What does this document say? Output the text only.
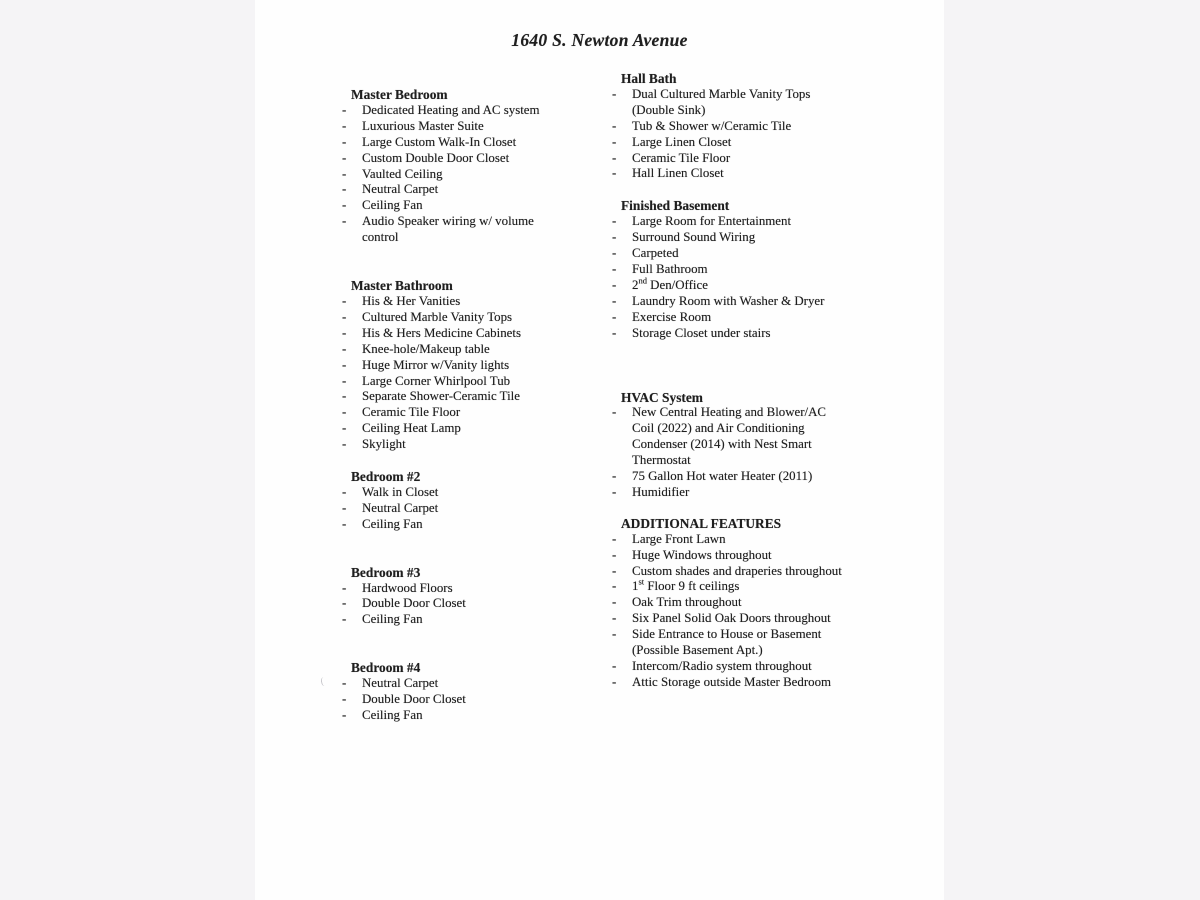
1640 S. Newton Avenue
Master Bedroom
- Dedicated Heating and AC system
- Luxurious Master Suite
- Large Custom Walk-In Closet
- Custom Double Door Closet
- Vaulted Ceiling
- Neutral Carpet
- Ceiling Fan
- Audio Speaker wiring w/ volume
control
Master Bathroom
- His & Her Vanities
- Cultured Marble Vanity Tops
- His & Hers Medicine Cabinets
- Knee-hole/Makeup table
- Huge Mirror w/Vanity lights
- Large Corner Whirlpool Tub
- Separate Shower-Ceramic Tile
- Ceramic Tile Floor
- Ceiling Heat Lamp
- Skylight
Bedroom #2
- Walk in Closet
- Neutral Carpet
- Ceiling Fan
Bedroom #3
- Hardwood Floors
- Double Door Closet
- Ceiling Fan
Bedroom #4
- Neutral Carpet
- Double Door Closet
- Ceiling Fan
Hall Bath
- Dual Cultured Marble Vanity Tops
(Double Sink)
- Tub & Shower w/Ceramic Tile
- Large Linen Closet
- Ceramic Tile Floor
- Hall Linen Closet
Finished Basement
- Large Room for Entertainment
- Surround Sound Wiring
- Carpeted
- Full Bathroom
- 2nd Den/Office
- Laundry Room with Washer & Dryer
- Exercise Room
- Storage Closet under stairs
HVAC System
- New Central Heating and Blower/AC
Coil (2022) and Air Conditioning
Condenser (2014) with Nest Smart
Thermostat
- 75 Gallon Hot water Heater (2011)
- Humidifier
ADDITIONAL FEATURES
- Large Front Lawn
- Huge Windows throughout
- Custom shades and draperies throughout
- 1st Floor 9 ft ceilings
- Oak Trim throughout
- Six Panel Solid Oak Doors throughout
- Side Entrance to House or Basement
(Possible Basement Apt.)
- Intercom/Radio system throughout
- Attic Storage outside Master Bedroom
